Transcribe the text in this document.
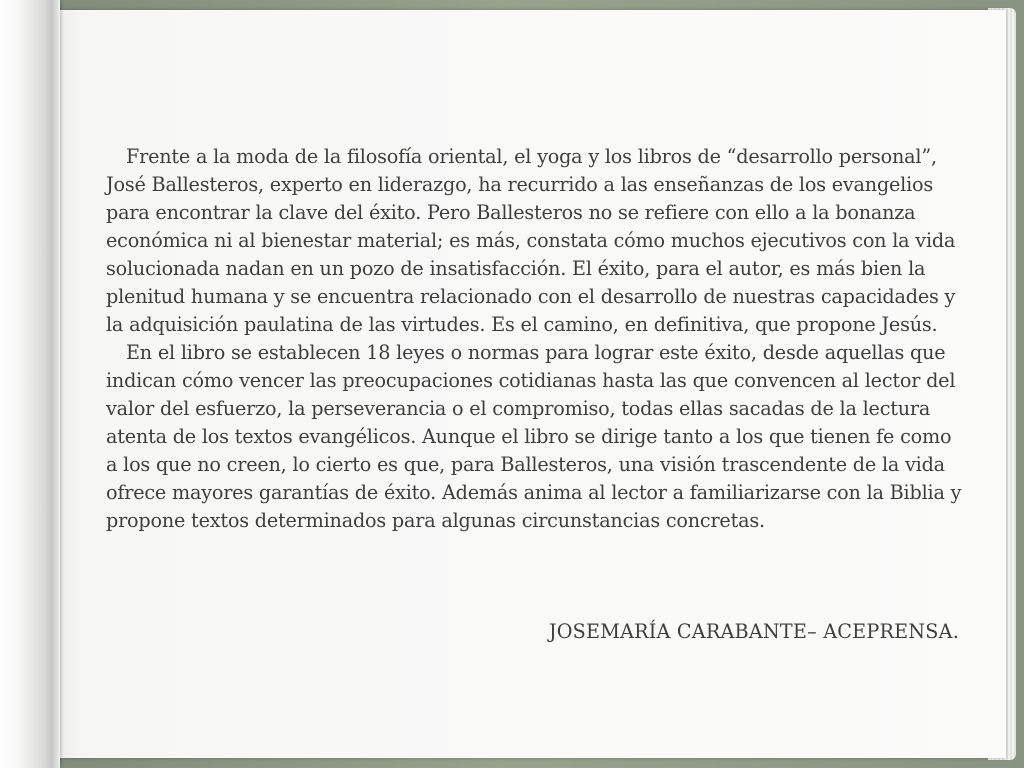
Frente a la moda de la filosofía oriental, el yoga y los libros de “desarrollo personal”, José Ballesteros, experto en liderazgo, ha recurrido a las enseñanzas de los evangelios para encontrar la clave del éxito. Pero Ballesteros no se refiere con ello a la bonanza económica ni al bienestar material; es más, constata cómo muchos ejecutivos con la vida solucionada nadan en un pozo de insatisfacción. El éxito, para el autor, es más bien la plenitud humana y se encuentra relacionado con el desarrollo de nuestras capacidades y la adquisición paulatina de las virtudes. Es el camino, en definitiva, que propone Jesús.

En el libro se establecen 18 leyes o normas para lograr este éxito, desde aquellas que indican cómo vencer las preocupaciones cotidianas hasta las que convencen al lector del valor del esfuerzo, la perseverancia o el compromiso, todas ellas sacadas de la lectura atenta de los textos evangélicos. Aunque el libro se dirige tanto a los que tienen fe como a los que no creen, lo cierto es que, para Ballesteros, una visión trascendente de la vida ofrece mayores garantías de éxito. Además anima al lector a familiarizarse con la Biblia y propone textos determinados para algunas circunstancias concretas.

JOSEMARÍA CARABANTE– ACEPRENSA.
